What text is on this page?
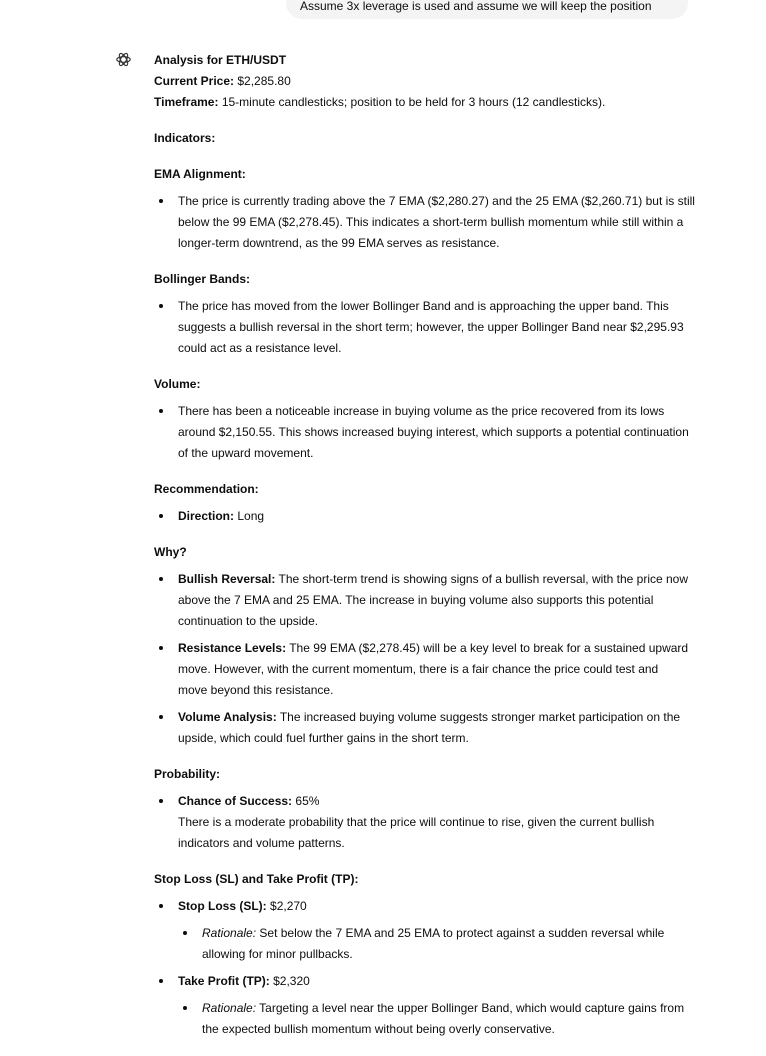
Assume 3x leverage is used and assume we will keep the position
Analysis for ETH/USDT
Current Price: $2,285.80
Timeframe: 15-minute candlesticks; position to be held for 3 hours (12 candlesticks).
Indicators:
EMA Alignment:
The price is currently trading above the 7 EMA ($2,280.27) and the 25 EMA ($2,260.71) but is still
below the 99 EMA ($2,278.45). This indicates a short-term bullish momentum while still within a
longer-term downtrend, as the 99 EMA serves as resistance.
Bollinger Bands:
The price has moved from the lower Bollinger Band and is approaching the upper band. This
suggests a bullish reversal in the short term; however, the upper Bollinger Band near $2,295.93
could act as a resistance level.
Volume:
There has been a noticeable increase in buying volume as the price recovered from its lows
around $2,150.55. This shows increased buying interest, which supports a potential continuation
of the upward movement.
Recommendation:
Direction: Long
Why?
Bullish Reversal: The short-term trend is showing signs of a bullish reversal, with the price now
above the 7 EMA and 25 EMA. The increase in buying volume also supports this potential
continuation to the upside.
Resistance Levels: The 99 EMA ($2,278.45) will be a key level to break for a sustained upward
move. However, with the current momentum, there is a fair chance the price could test and
move beyond this resistance.
Volume Analysis: The increased buying volume suggests stronger market participation on the
upside, which could fuel further gains in the short term.
Probability:
Chance of Success: 65%
There is a moderate probability that the price will continue to rise, given the current bullish
indicators and volume patterns.
Stop Loss (SL) and Take Profit (TP):
Stop Loss (SL): $2,270
Rationale: Set below the 7 EMA and 25 EMA to protect against a sudden reversal while
allowing for minor pullbacks.
Take Profit (TP): $2,320
Rationale: Targeting a level near the upper Bollinger Band, which would capture gains from
the expected bullish momentum without being overly conservative.
